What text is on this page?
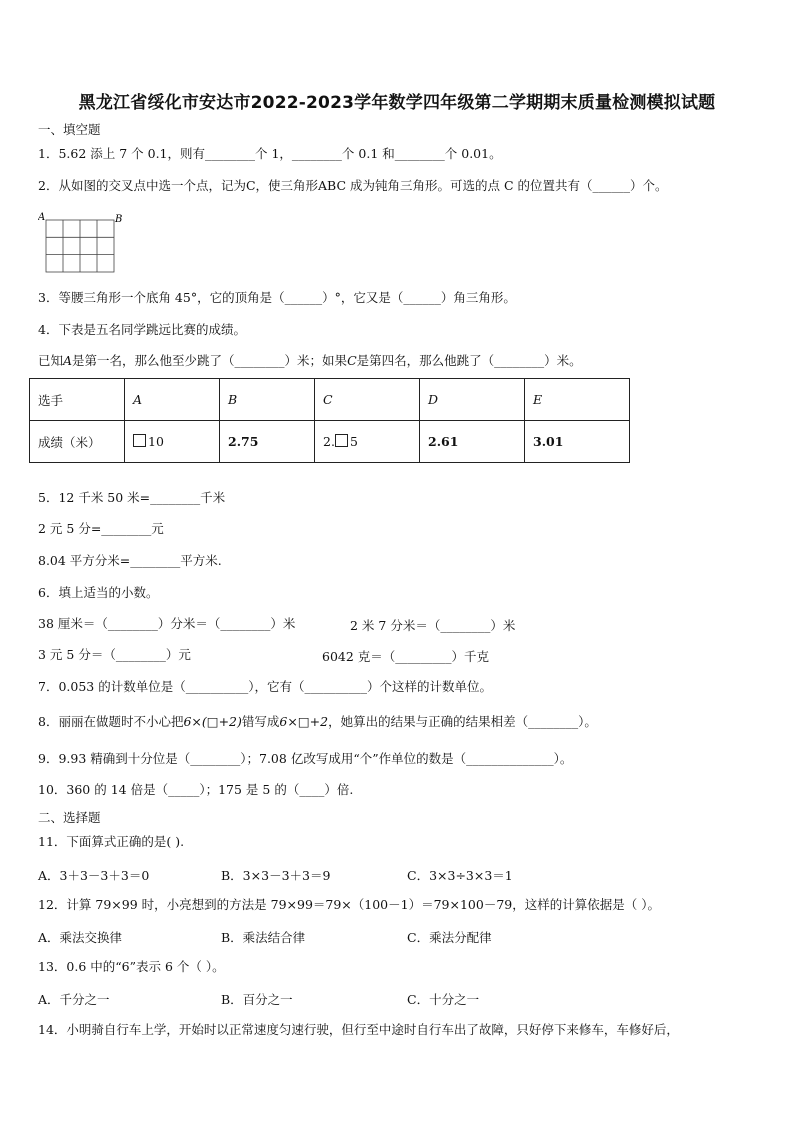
黑龙江省绥化市安达市2022-2023学年数学四年级第二学期期末质量检测模拟试题
一、填空题
1．5.62 添上 7 个 0.1，则有________个 1，________个 0.1 和________个 0.01。
2．从如图的交叉点中选一个点，记为C，使三角形ABC 成为钝角三角形。可选的点 C 的位置共有（______）个。
A	B
3．等腰三角形一个底角 45°，它的顶角是（______）°，它又是（______）角三角形。
4．下表是五名同学跳远比赛的成绩。
已知A是第一名，那么他至少跳了（________）米；如果C是第四名，那么他跳了（________）米。
选手	A	B	C	D	E
成绩（米）	10	2.75	2. 5	2.61	3.01
5．12 千米 50 米=________千米
2 元 5 分=________元
8.04 平方分米=________平方米.
6．填上适当的小数。
38 厘米＝（________）分米＝（________）米	2 米 7 分米＝（________）米
3 元 5 分＝（________）元	6042 克＝（_________）千克
7．0.053 的计数单位是（__________），它有（__________）个这样的计数单位。
8．丽丽在做题时不小心把6×(□+2)错写成6×□+2，她算出的结果与正确的结果相差（________）。
9．9.93 精确到十分位是（________）；7.08 亿改写成用“个”作单位的数是（______________）。
10．360 的 14 倍是（_____）；175 是 5 的（____）倍.
二、选择题
11．下面算式正确的是( ).
A．3＋3－3＋3＝0	B．3×3－3＋3＝9	C．3×3÷3×3＝1
12．计算 79×99 时，小亮想到的方法是 79×99＝79×（100－1）＝79×100－79，这样的计算依据是（ ）。
A．乘法交换律	B．乘法结合律	C．乘法分配律
13．0.6 中的“6”表示 6 个（ ）。
A．千分之一	B．百分之一	C．十分之一
14．小明骑自行车上学，开始时以正常速度匀速行驶，但行至中途时自行车出了故障，只好停下来修车，车修好后，
